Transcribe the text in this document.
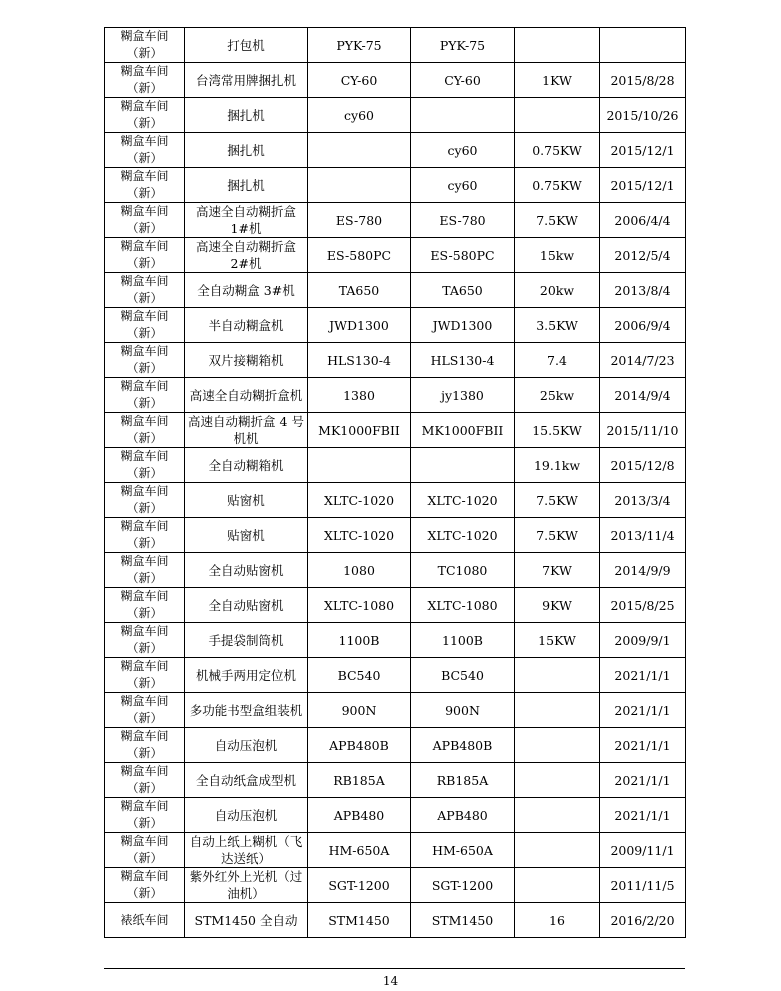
糊盒车间（新）	打包机	PYK-75	PYK-75		
糊盒车间（新）	台湾常用牌捆扎机	CY-60	CY-60	1KW	2015/8/28
糊盒车间（新）	捆扎机	cy60			2015/10/26
糊盒车间（新）	捆扎机		cy60	0.75KW	2015/12/1
糊盒车间（新）	捆扎机		cy60	0.75KW	2015/12/1
糊盒车间（新）	高速全自动糊折盒 1#机	ES-780	ES-780	7.5KW	2006/4/4
糊盒车间（新）	高速全自动糊折盒 2#机	ES-580PC	ES-580PC	15kw	2012/5/4
糊盒车间（新）	全自动糊盒 3#机	TA650	TA650	20kw	2013/8/4
糊盒车间（新）	半自动糊盒机	JWD1300	JWD1300	3.5KW	2006/9/4
糊盒车间（新）	双片接糊箱机	HLS130-4	HLS130-4	7.4	2014/7/23
糊盒车间（新）	高速全自动糊折盒机	1380	jy1380	25kw	2014/9/4
糊盒车间（新）	高速自动糊折盒 4 号机机	MK1000FBII	MK1000FBII	15.5KW	2015/11/10
糊盒车间（新）	全自动糊箱机			19.1kw	2015/12/8
糊盒车间（新）	贴窗机	XLTC-1020	XLTC-1020	7.5KW	2013/3/4
糊盒车间（新）	贴窗机	XLTC-1020	XLTC-1020	7.5KW	2013/11/4
糊盒车间（新）	全自动贴窗机	1080	TC1080	7KW	2014/9/9
糊盒车间（新）	全自动贴窗机	XLTC-1080	XLTC-1080	9KW	2015/8/25
糊盒车间（新）	手提袋制筒机	1100B	1100B	15KW	2009/9/1
糊盒车间（新）	机械手两用定位机	BC540	BC540		2021/1/1
糊盒车间（新）	多功能书型盒组装机	900N	900N		2021/1/1
糊盒车间（新）	自动压泡机	APB480B	APB480B		2021/1/1
糊盒车间（新）	全自动纸盒成型机	RB185A	RB185A		2021/1/1
糊盒车间（新）	自动压泡机	APB480	APB480		2021/1/1
糊盒车间（新）	自动上纸上糊机（飞达送纸）	HM-650A	HM-650A		2009/11/1
糊盒车间（新）	紫外红外上光机（过油机）	SGT-1200	SGT-1200		2011/11/5
裱纸车间	STM1450 全自动	STM1450	STM1450	16	2016/2/20
14
